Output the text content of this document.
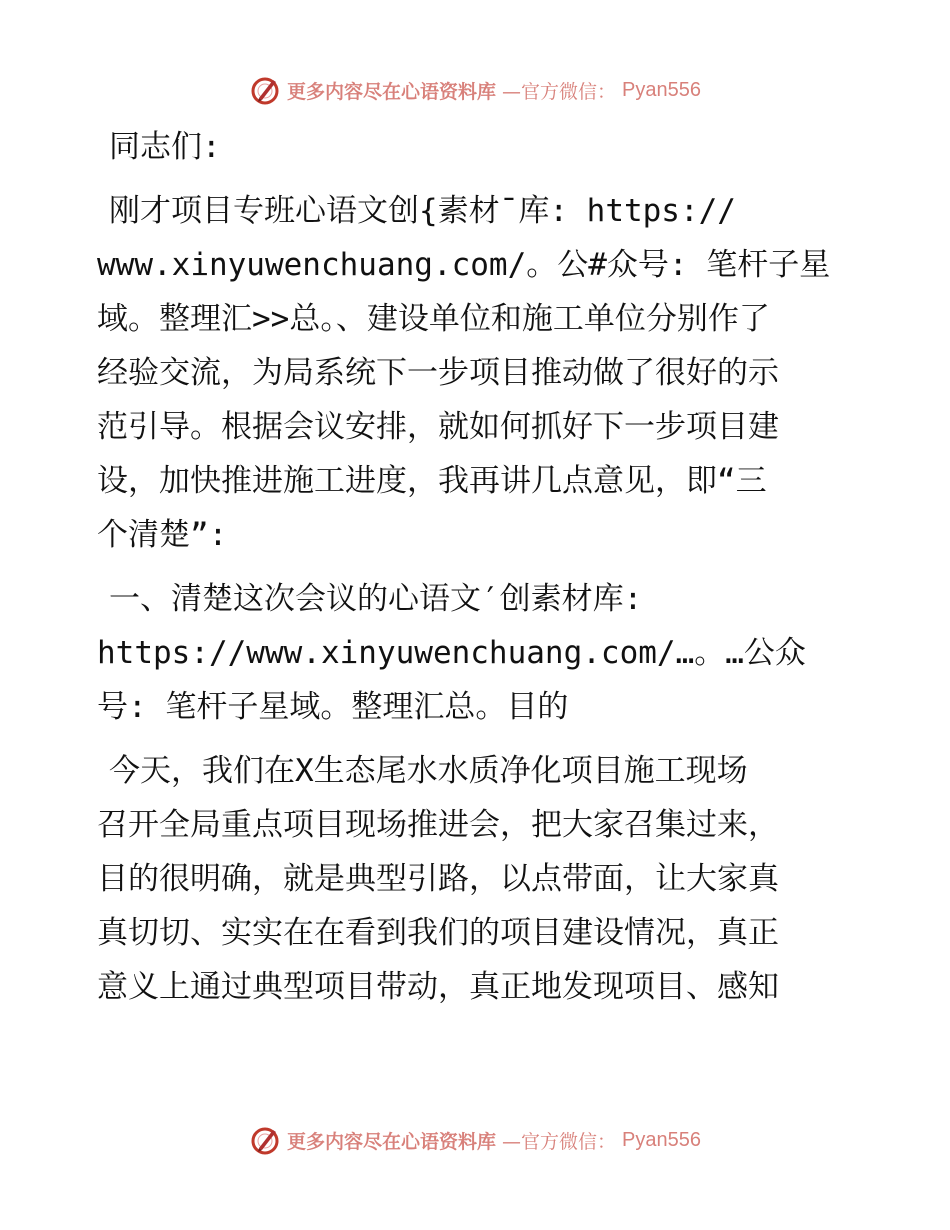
更多内容尽在心语资料库 —官方微信： Pyan556

同志们:

刚才项目专班心语文创{素材¯库: https://
www.xinyuwenchuang.com/。公#众号: 笔杆子星
域。整理汇>>总。、建设单位和施工单位分别作了
经验交流，为局系统下一步项目推动做了很好的示
范引导。根据会议安排，就如何抓好下一步项目建
设，加快推进施工进度，我再讲几点意见，即“三
个清楚”:

一、清楚这次会议的心语文′创素材库:
https://www.xinyuwenchuang.com/…。…公众
号: 笔杆子星域。整理汇总。目的

今天，我们在X生态尾水水质净化项目施工现场
召开全局重点项目现场推进会，把大家召集过来，
目的很明确，就是典型引路，以点带面，让大家真
真切切、实实在在看到我们的项目建设情况，真正
意义上通过典型项目带动，真正地发现项目、感知

更多内容尽在心语资料库 —官方微信： Pyan556
